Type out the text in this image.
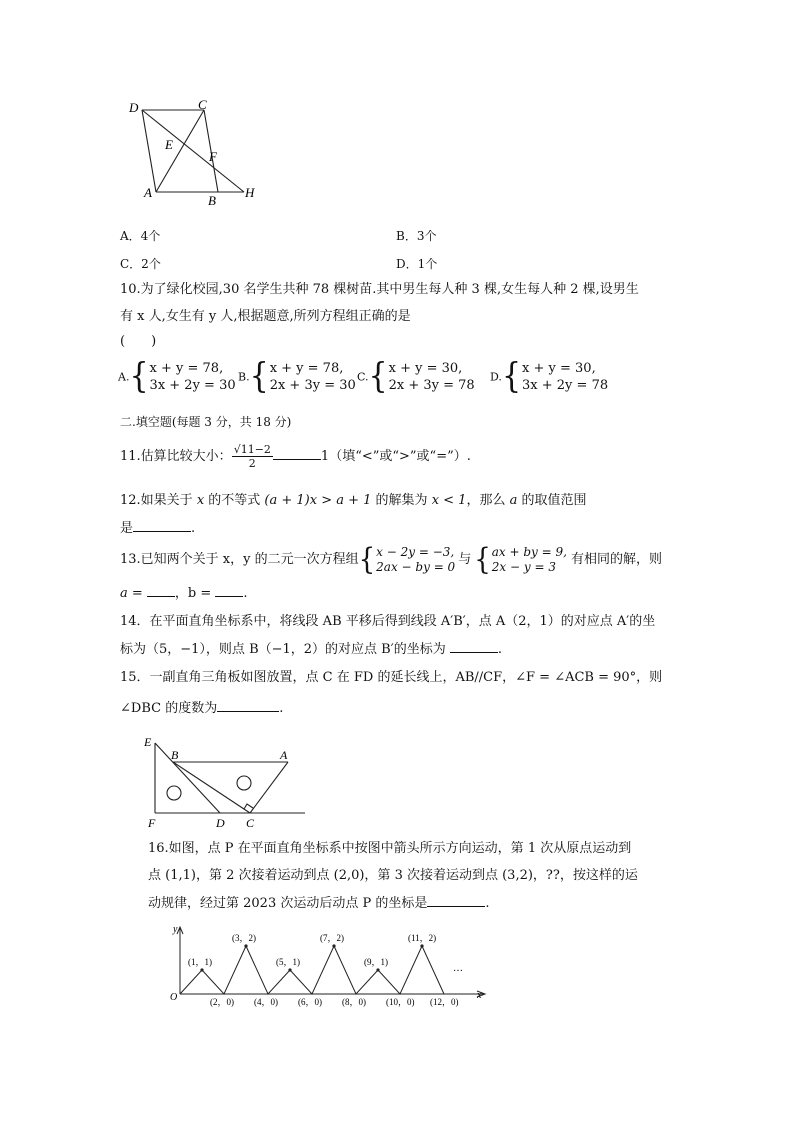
D	C
E
F
A
B
H
A．4个	B．3个
C．2个	D．1个
10.为了绿化校园,30 名学生共种 78 棵树苗.其中男生每人种 3 棵,女生每人种 2 棵,设男生
有 x 人,女生有 y 人,根据题意,所列方程组正确的是
(　　)
A.{x + y = 78,
3x + 2y = 30
B.{x + y = 78,
2x + 3y = 30
C.{x + y = 30,
2x + 3y = 78
D.{x + y = 30,
3x + 2y = 78
二.填空题(每题 3 分，共 18 分)
11.估算比较大小： $\frac{√11-2}{2}$	1（填“<”或“>”或“=”）.
12.如果关于 x 的不等式 (a + 1)x > a + 1 的解集为 x < 1，那么 a 的取值范围
是	.
13.已知两个关于 x，y 的二元一次方程组{x − 2y = −3,
2ax − by = 0 与 {ax + by = 9,
2x − y = 3 有相同的解，则
a = ，b = .
14．在平面直角坐标系中，将线段 AB 平移后得到线段 A′B′，点 A（2，1）的对应点 A′的坐
标为（5，−1），则点 B（−1，2）的对应点 B′的坐标为	.
15．一副直角三角板如图放置，点 C 在 FD 的延长线上，AB//CF，∠F = ∠ACB = 90°，则
∠DBC 的度数为	.
E
B	A
F	D C
16.如图，点 P 在平面直角坐标系中按图中箭头所示方向运动，第 1 次从原点运动到
点 (1,1)，第 2 次接着运动到点 (2,0)，第 3 次接着运动到点 (3,2)，??，按这样的运
动规律，经过第 2023 次运动后动点 P 的坐标是	.
y
x
O
…
(1，1)
(3，2)
(5，1)
(7，2)
(9，1)
(11，2)
(2，0) (4，0) (6，0) (8，0) (10，0) (12，0)
